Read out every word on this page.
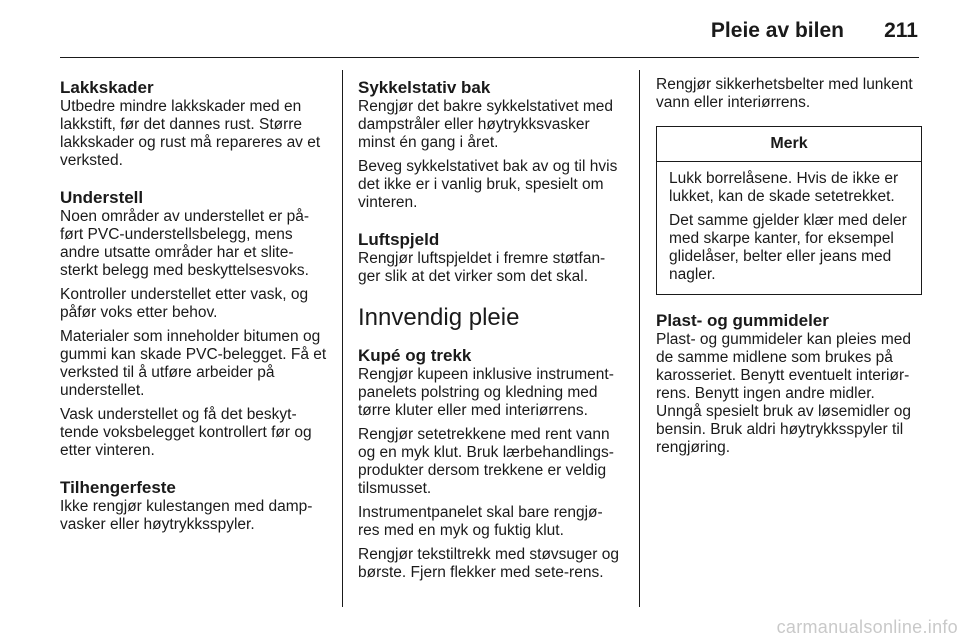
Pleie av bilen 211
Lakkskader

Utbedre mindre lakkskader med en lakkstift, før det dannes rust. Større lakkskader og rust må repareres av et verksted.

Understell

Noen områder av understellet er på-ført PVC-understellsbelegg, mens andre utsatte områder har et slite-sterkt belegg med beskyttelsesvoks.

Kontroller understellet etter vask, og påfør voks etter behov.

Materialer som inneholder bitumen og gummi kan skade PVC-belegget. Få et verksted til å utføre arbeider på understellet.

Vask understellet og få det beskyt-tende voksbelegget kontrollert før og etter vinteren.

Tilhengerfeste

Ikke rengjør kulestangen med damp-vasker eller høytrykksspyler.

Sykkelstativ bak

Rengjør det bakre sykkelstativet med dampstråler eller høytrykksvasker minst én gang i året.

Beveg sykkelstativet bak av og til hvis det ikke er i vanlig bruk, spesielt om vinteren.

Luftspjeld

Rengjør luftspjeldet i fremre støtfan-ger slik at det virker som det skal.

Innvendig pleie
Kupé og trekk

Rengjør kupeen inklusive instrument-panelets polstring og kledning med tørre kluter eller med interiørrens.

Rengjør setetrekkene med rent vann og en myk klut. Bruk lærbehandlings-produkter dersom trekkene er veldig tilsmusset.

Instrumentpanelet skal bare rengjø-res med en myk og fuktig klut.

Rengjør tekstiltrekk med støvsuger og børste. Fjern flekker med sete-rens.

Rengjør sikkerhetsbelter med lunkent vann eller interiørrens.

Merk

Lukk borrelåsene. Hvis de ikke er lukket, kan de skade setetrekket.

Det samme gjelder klær med deler med skarpe kanter, for eksempel glidelåser, belter eller jeans med nagler.

Plast- og gummideler

Plast- og gummideler kan pleies med de samme midlene som brukes på karosseriet. Benytt eventuelt interiør-rens. Benytt ingen andre midler. Unngå spesielt bruk av løsemidler og bensin. Bruk aldri høytrykksspyler til rengjøring.

carmanualsonline.info
